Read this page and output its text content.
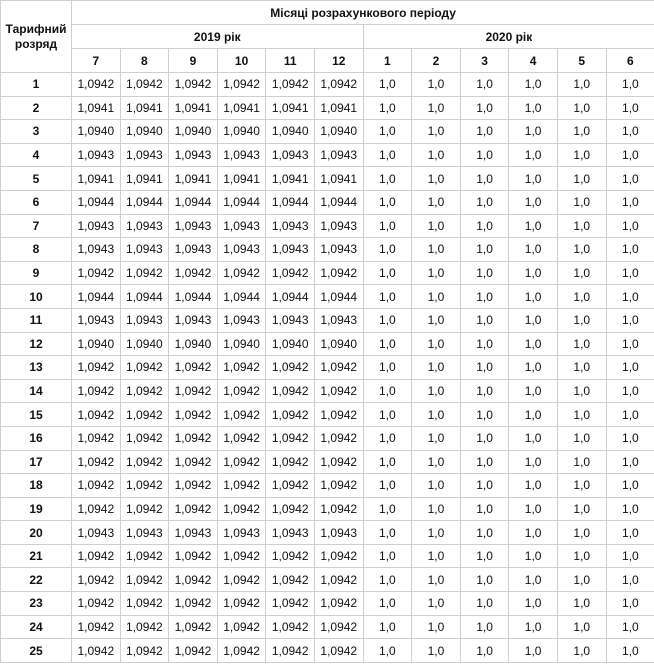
Тарифний розряд	Місяці розрахункового періоду											
	2019 рік						2020 рік					
	7	8	9	10	11	12	1	2	3	4	5	6
1	1,0942	1,0942	1,0942	1,0942	1,0942	1,0942	1,0	1,0	1,0	1,0	1,0	1,0
2	1,0941	1,0941	1,0941	1,0941	1,0941	1,0941	1,0	1,0	1,0	1,0	1,0	1,0
3	1,0940	1,0940	1,0940	1,0940	1,0940	1,0940	1,0	1,0	1,0	1,0	1,0	1,0
4	1,0943	1,0943	1,0943	1,0943	1,0943	1,0943	1,0	1,0	1,0	1,0	1,0	1,0
5	1,0941	1,0941	1,0941	1,0941	1,0941	1,0941	1,0	1,0	1,0	1,0	1,0	1,0
6	1,0944	1,0944	1,0944	1,0944	1,0944	1,0944	1,0	1,0	1,0	1,0	1,0	1,0
7	1,0943	1,0943	1,0943	1,0943	1,0943	1,0943	1,0	1,0	1,0	1,0	1,0	1,0
8	1,0943	1,0943	1,0943	1,0943	1,0943	1,0943	1,0	1,0	1,0	1,0	1,0	1,0
9	1,0942	1,0942	1,0942	1,0942	1,0942	1,0942	1,0	1,0	1,0	1,0	1,0	1,0
10	1,0944	1,0944	1,0944	1,0944	1,0944	1,0944	1,0	1,0	1,0	1,0	1,0	1,0
11	1,0943	1,0943	1,0943	1,0943	1,0943	1,0943	1,0	1,0	1,0	1,0	1,0	1,0
12	1,0940	1,0940	1,0940	1,0940	1,0940	1,0940	1,0	1,0	1,0	1,0	1,0	1,0
13	1,0942	1,0942	1,0942	1,0942	1,0942	1,0942	1,0	1,0	1,0	1,0	1,0	1,0
14	1,0942	1,0942	1,0942	1,0942	1,0942	1,0942	1,0	1,0	1,0	1,0	1,0	1,0
15	1,0942	1,0942	1,0942	1,0942	1,0942	1,0942	1,0	1,0	1,0	1,0	1,0	1,0
16	1,0942	1,0942	1,0942	1,0942	1,0942	1,0942	1,0	1,0	1,0	1,0	1,0	1,0
17	1,0942	1,0942	1,0942	1,0942	1,0942	1,0942	1,0	1,0	1,0	1,0	1,0	1,0
18	1,0942	1,0942	1,0942	1,0942	1,0942	1,0942	1,0	1,0	1,0	1,0	1,0	1,0
19	1,0942	1,0942	1,0942	1,0942	1,0942	1,0942	1,0	1,0	1,0	1,0	1,0	1,0
20	1,0943	1,0943	1,0943	1,0943	1,0943	1,0943	1,0	1,0	1,0	1,0	1,0	1,0
21	1,0942	1,0942	1,0942	1,0942	1,0942	1,0942	1,0	1,0	1,0	1,0	1,0	1,0
22	1,0942	1,0942	1,0942	1,0942	1,0942	1,0942	1,0	1,0	1,0	1,0	1,0	1,0
23	1,0942	1,0942	1,0942	1,0942	1,0942	1,0942	1,0	1,0	1,0	1,0	1,0	1,0
24	1,0942	1,0942	1,0942	1,0942	1,0942	1,0942	1,0	1,0	1,0	1,0	1,0	1,0
25	1,0942	1,0942	1,0942	1,0942	1,0942	1,0942	1,0	1,0	1,0	1,0	1,0	1,0
